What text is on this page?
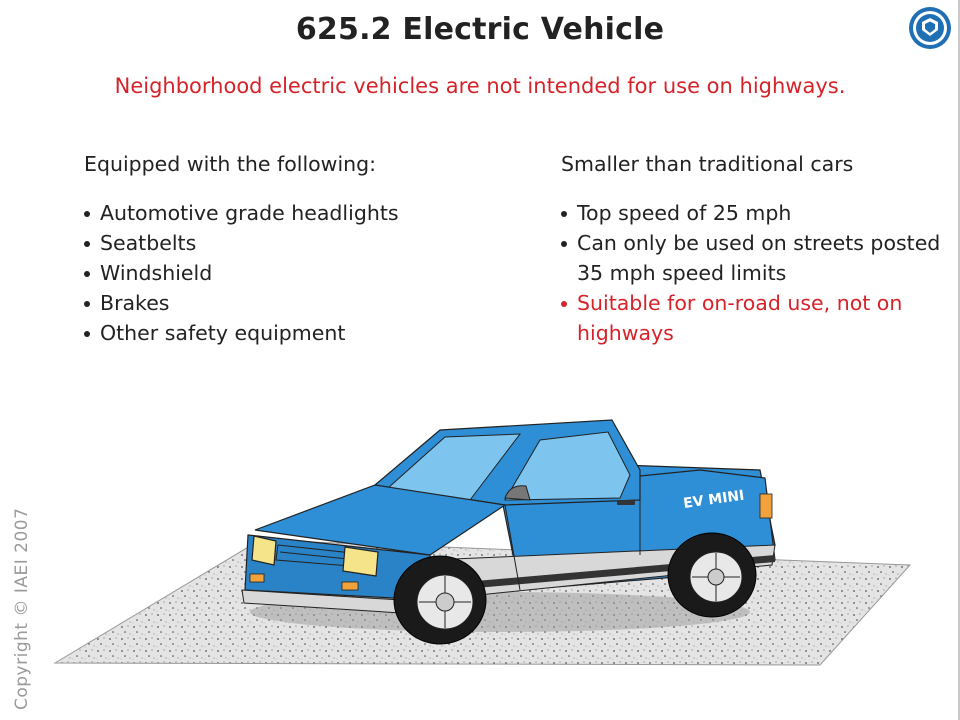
625.2 Electric Vehicle
Neighborhood electric vehicles are not intended for use on highways.
Equipped with the following:
Automotive grade headlights
Seatbelts
Windshield
Brakes
Other safety equipment
Smaller than traditional cars
Top speed of 25 mph
Can only be used on streets posted 35 mph speed limits
Suitable for on-road use, not on highways
EV MINI
Copyright © IAEI 2007
